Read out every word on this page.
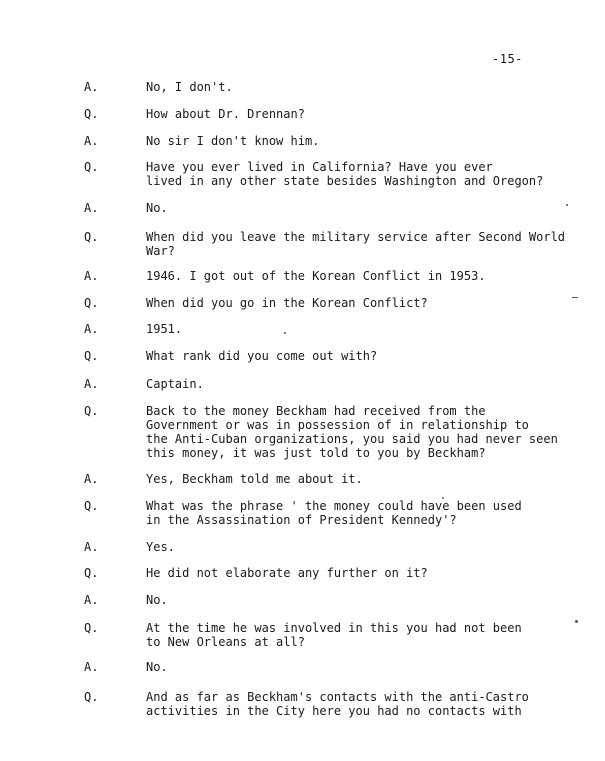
-15-
A.	No, I don't.
Q.	How about Dr. Drennan?
A.	No sir I don't know him.
Q.	Have you ever lived in California? Have you ever
lived in any other state besides Washington and Oregon?
A.	No.
Q.	When did you leave the military service after Second World
War?
A.	1946. I got out of the Korean Conflict in 1953.
Q.	When did you go in the Korean Conflict?
A.	1951.
Q.	What rank did you come out with?
A.	Captain.
Q.	Back to the money Beckham had received from the
Government or was in possession of in relationship to
the Anti-Cuban organizations, you said you had never seen
this money, it was just told to you by Beckham?
A.	Yes, Beckham told me about it.
Q.	What was the phrase ' the money could have been used
in the Assassination of President Kennedy'?
A.	Yes.
Q.	He did not elaborate any further on it?
A.	No.
Q.	At the time he was involved in this you had not been
to New Orleans at all?
A.	No.
Q.	And as far as Beckham's contacts with the anti-Castro
activities in the City here you had no contacts with
